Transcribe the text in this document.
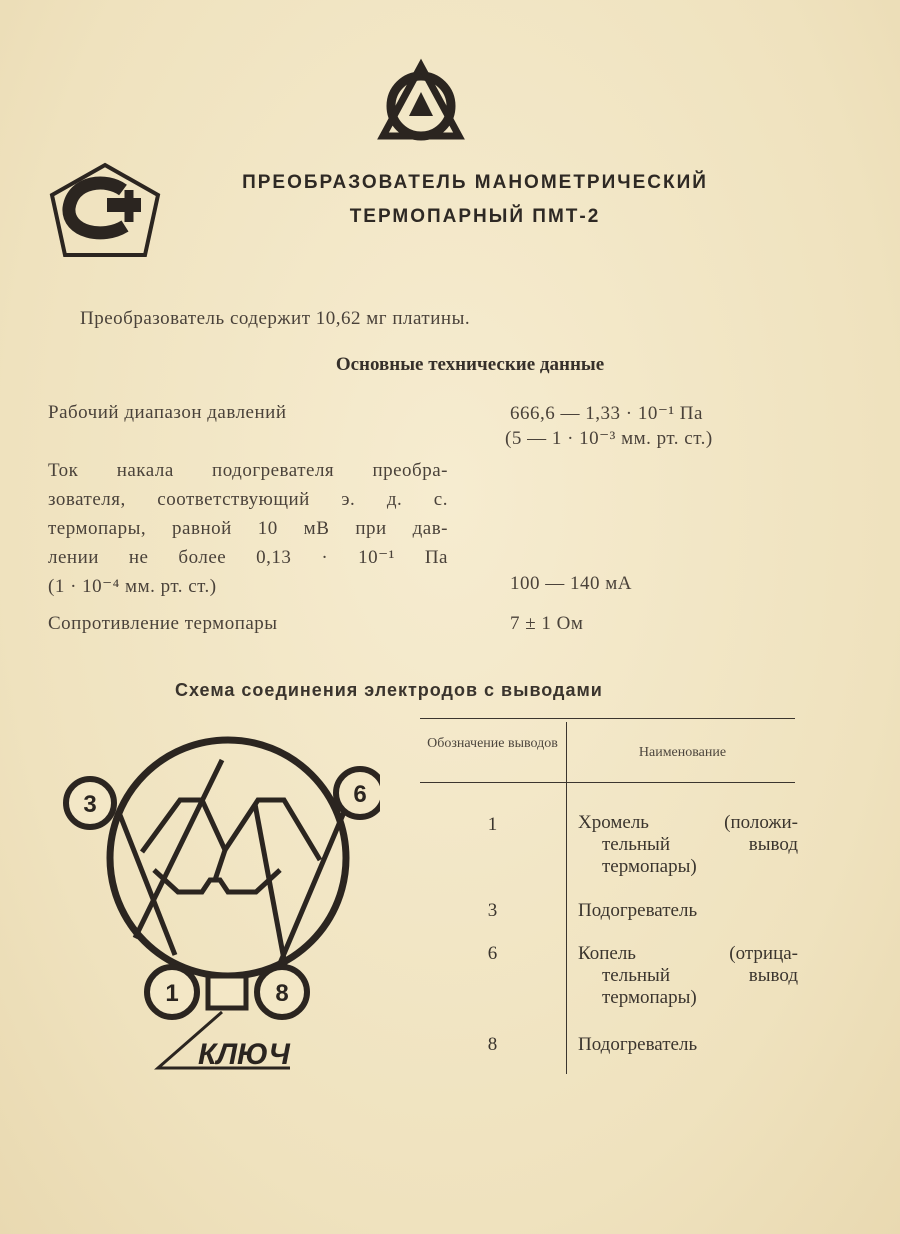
ПРЕОБРАЗОВАТЕЛЬ МАНОМЕТРИЧЕСКИЙ
ТЕРМОПАРНЫЙ ПМТ-2
Преобразователь содержит 10,62 мг платины.
Основные технические данные
Рабочий диапазон давлений	666,6 — 1,33 · 10⁻¹ Па
(5 — 1 · 10⁻³ мм. рт. ст.)
Ток накала подогревателя преобра-
зователя, соответствующий э. д. с.
термопары, равной 10 мВ при дав-
лении не более 0,13 · 10⁻¹ Па
(1 · 10⁻⁴ мм. рт. ст.)	100 — 140 мА
Сопротивление термопары	7 ± 1 Ом
Схема соединения электродов с выводами
3	6
1	8
КЛЮЧ
Обозначение выводов
Наименование
1	Хромель (положи-
тельный вывод
термопары)
3	Подогреватель
6	Копель (отрица-
тельный вывод
термопары)
8	Подогреватель
